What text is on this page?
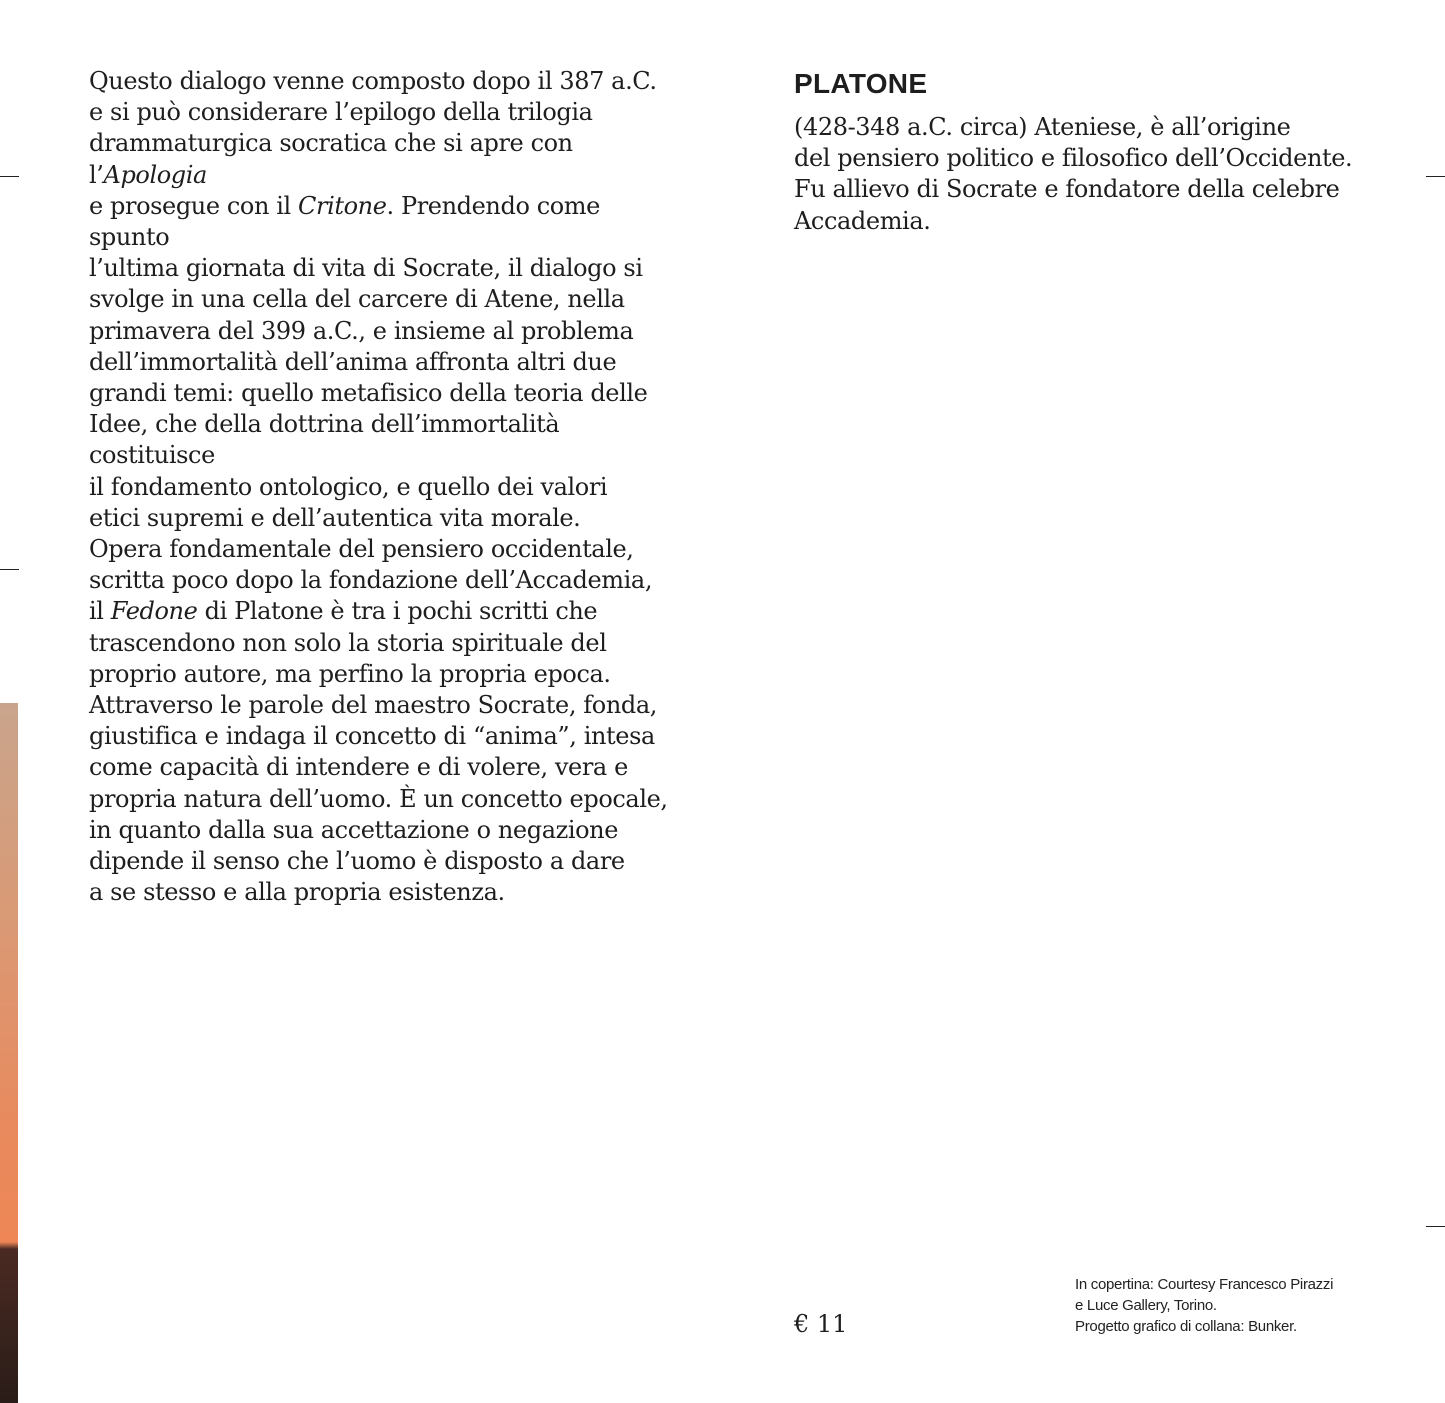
Questo dialogo venne composto dopo il 387 a.C.

e si può considerare l’epilogo della trilogia

drammaturgica socratica che si apre con l’Apologia

e prosegue con il Critone. Prendendo come spunto

l’ultima giornata di vita di Socrate, il dialogo si

svolge in una cella del carcere di Atene, nella

primavera del 399 a.C., e insieme al problema

dell’immortalità dell’anima affronta altri due

grandi temi: quello metafisico della teoria delle

Idee, che della dottrina dell’immortalità costituisce

il fondamento ontologico, e quello dei valori

etici supremi e dell’autentica vita morale.

Opera fondamentale del pensiero occidentale,

scritta poco dopo la fondazione dell’Accademia,

il Fedone di Platone è tra i pochi scritti che

trascendono non solo la storia spirituale del

proprio autore, ma perfino la propria epoca.

Attraverso le parole del maestro Socrate, fonda,

giustifica e indaga il concetto di “anima”, intesa

come capacità di intendere e di volere, vera e

propria natura dell’uomo. È un concetto epocale,

in quanto dalla sua accettazione o negazione

dipende il senso che l’uomo è disposto a dare

a se stesso e alla propria esistenza.

PLATONE
(428-348 a.C. circa) Ateniese, è all’origine
del pensiero politico e filosofico dell’Occidente.
Fu allievo di Socrate e fondatore della celebre
Accademia.
€ 11
In copertina: Courtesy Francesco Pirazzi
e Luce Gallery, Torino.
Progetto grafico di collana: Bunker.
